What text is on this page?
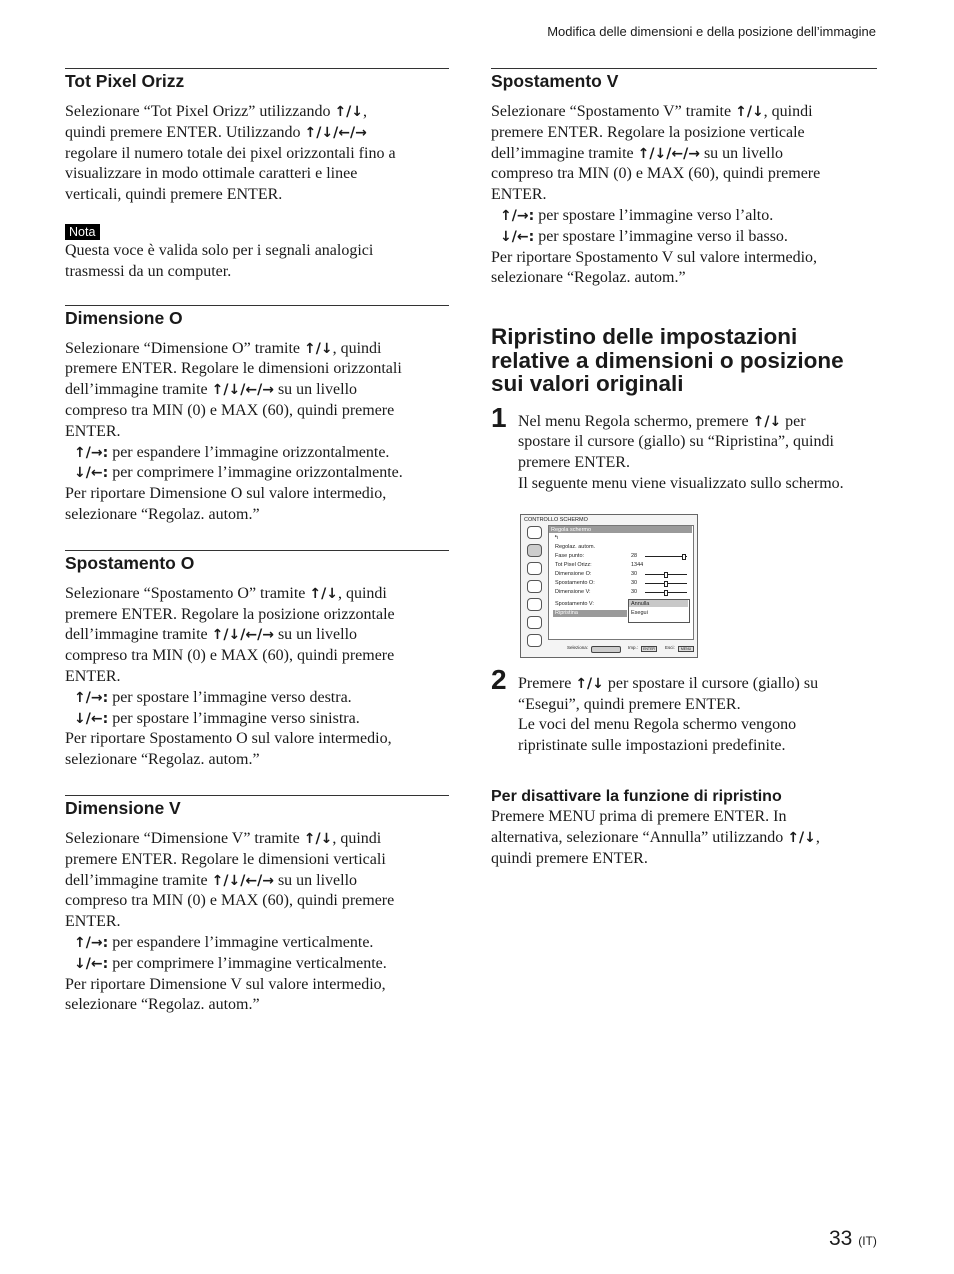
Modifica delle dimensioni e della posizione dell’immagine
Tot Pixel Orizz

Selezionare “Tot Pixel Orizz” utilizzando ↑/↓,

quindi premere ENTER. Utilizzando ↑/↓/←/→

regolare il numero totale dei pixel orizzontali fino a

visualizzare in modo ottimale caratteri e linee

verticali, quindi premere ENTER.

Nota

Questa voce è valida solo per i segnali analogici

trasmessi da un computer.

Dimensione O

Selezionare “Dimensione O” tramite ↑/↓, quindi

premere ENTER. Regolare le dimensioni orizzontali

dell’immagine tramite ↑/↓/←/→ su un livello

compreso tra MIN (0) e MAX (60), quindi premere

ENTER.

↑/→: per espandere l’immagine orizzontalmente.

↓/←: per comprimere l’immagine orizzontalmente.

Per riportare Dimensione O sul valore intermedio,

selezionare “Regolaz. autom.”

Spostamento O

Selezionare “Spostamento O” tramite ↑/↓, quindi

premere ENTER. Regolare la posizione orizzontale

dell’immagine tramite ↑/↓/←/→ su un livello

compreso tra MIN (0) e MAX (60), quindi premere

ENTER.

↑/→: per spostare l’immagine verso destra.

↓/←: per spostare l’immagine verso sinistra.

Per riportare Spostamento O sul valore intermedio,

selezionare “Regolaz. autom.”

Dimensione V

Selezionare “Dimensione V” tramite ↑/↓, quindi

premere ENTER. Regolare le dimensioni verticali

dell’immagine tramite ↑/↓/←/→ su un livello

compreso tra MIN (0) e MAX (60), quindi premere

ENTER.

↑/→: per espandere l’immagine verticalmente.

↓/←: per comprimere l’immagine verticalmente.

Per riportare Dimensione V sul valore intermedio,

selezionare “Regolaz. autom.”

Spostamento V

Selezionare “Spostamento V” tramite ↑/↓, quindi

premere ENTER. Regolare la posizione verticale

dell’immagine tramite ↑/↓/←/→ su un livello

compreso tra MIN (0) e MAX (60), quindi premere

ENTER.

↑/→: per spostare l’immagine verso l’alto.

↓/←: per spostare l’immagine verso il basso.

Per riportare Spostamento V sul valore intermedio,

selezionare “Regolaz. autom.”

Ripristino delle impostazioni
relative a dimensioni o posizione
sui valori originali
1 Nel menu Regola schermo, premere ↑/↓ per

spostare il cursore (giallo) su “Ripristina”, quindi

premere ENTER.

Il seguente menu viene visualizzato sullo schermo.

CONTROLLO SCHERMO
Regola schermo
↰
Regolaz. autom.
Fase punto:
Tot Pixel Orizz:
Dimensione O:
Spostamento O:
Dimensione V:
Spostamento V:
Ripristina
28
1344
30
30
30
Annulla
Esegui
Seleziona:	Imp.:	ENTER	Esci:	MENU
2 Premere ↑/↓ per spostare il cursore (giallo) su

“Esegui”, quindi premere ENTER.

Le voci del menu Regola schermo vengono

ripristinate sulle impostazioni predefinite.

Per disattivare la funzione di ripristino

Premere MENU prima di premere ENTER. In

alternativa, selezionare “Annulla” utilizzando ↑/↓,

quindi premere ENTER.

33 (IT)
